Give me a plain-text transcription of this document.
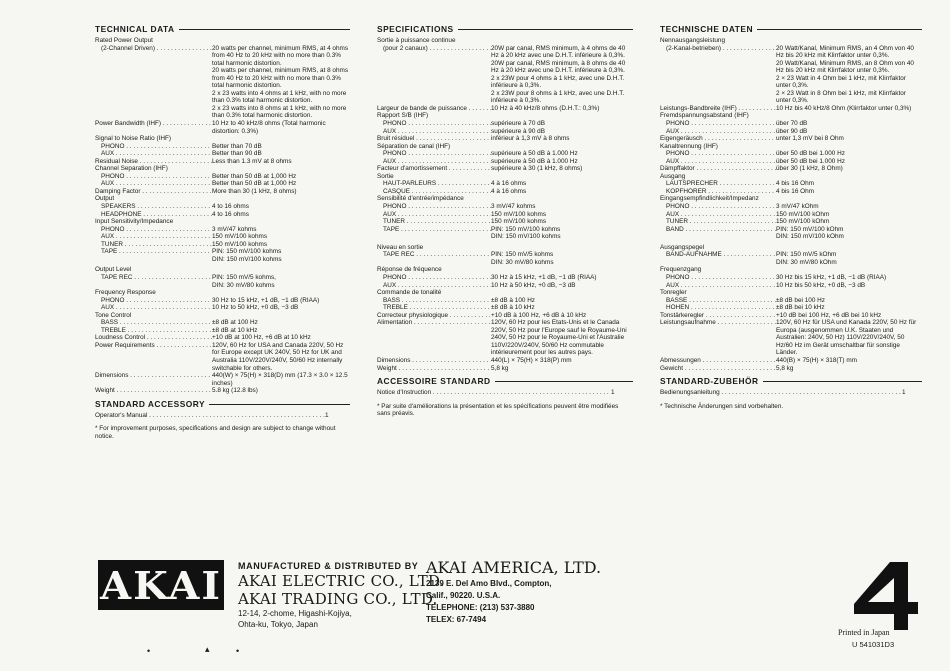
TECHNICAL DATA
Rated Power Output
(2-Channel Driven) . . .	20 watts per channel, minimum RMS, at 4 ohms from 40 Hz to 20 kHz with no more than 0.3% total harmonic distortion.
20 watts per channel, minimum RMS, at 8 ohms from 40 Hz to 20 kHz with no more than 0.3% total harmonic distortion.
2 x 23 watts into 4 ohms at 1 kHz, with no more than 0.3% total harmonic distortion.
2 x 23 watts into 8 ohms at 1 kHz, with no more than 0.3% total harmonic distortion.
Power Bandwidth (IHF) . . .	10 Hz to 40 kHz/8 ohms (Total harmonic distortion: 0.3%)
Signal to Noise Ratio (IHF)
PHONO . . .	Better than 70 dB
AUX . . .	Better than 90 dB
Residual Noise . . .	Less than 1.3 mV at 8 ohms
Channel Separation (IHF)
PHONO . . .	Better than 50 dB at 1,000 Hz
AUX . . .	Better than 50 dB at 1,000 Hz
Damping Factor . . .	More than 30 (1 kHz, 8 ohms)
Output
SPEAKERS . . .	4 to 16 ohms
HEADPHONE . . .	4 to 16 ohms
Input Sensitivity/Impedance
PHONO . . .	3 mV/47 kohms
AUX . . .	150 mV/100 kohms
TUNER . . .	150 mV/100 kohms
TAPE . . .	PIN: 150 mV/100 kohms
DIN: 150 mV/100 kohms
Output Level
TAPE REC . . .	PIN: 150 mV/5 kohms,
DIN: 30 mV/80 kohms
Frequency Response
PHONO . . .	30 Hz to 15 kHz, +1 dB, −1 dB (RIAA)
AUX . . .	10 Hz to 50 kHz, +0 dB, −3 dB
Tone Control
BASS . . .	±8 dB at 100 Hz
TREBLE . . .	±8 dB at 10 kHz
Loudness Control . . .	+10 dB at 100 Hz, +6 dB at 10 kHz
Power Requirements . . .	120V, 60 Hz for USA and Canada 220V, 50 Hz for Europe except UK 240V, 50 Hz for UK and Australia 110V/220V/240V, 50/60 Hz internally switchable for others.
Dimensions . . .	440(W) × 75(H) × 318(D) mm (17.3 × 3.0 × 12.5 inches)
Weight . . .	5.8 kg (12.8 lbs)
STANDARD ACCESSORY
Operator's Manual . . .	1
* For improvement purposes, specifications and design are subject to change without notice.
SPECIFICATIONS
Sortie à puissance continue
(pour 2 canaux) . . .	20W par canal, RMS minimum, à 4 ohms de 40 Hz à 20 kHz avec une D.H.T. inférieure à 0,3%.
20W par canal, RMS minimum, à 8 ohms de 40 Hz à 20 kHz avec une D.H.T. inférieure à 0,3%.
2 x 23W pour 4 ohms à 1 kHz, avec une D.H.T. inférieure à 0,3%.
2 x 23W pour 8 ohms à 1 kHz, avec une D.H.T. inférieure à 0,3%.
Largeur de bande de puissance . . .	10 Hz à 40 kHz/8 ohms (D.H.T.: 0,3%)
Rapport S/B (IHF)
PHONO . . .	supérieure à 70 dB
AUX . . .	supérieure à 90 dB
Bruit résiduel . . .	inférieur à 1,3 mV à 8 ohms
Séparation de canal (IHF)
PHONO . . .	supérieure à 50 dB à 1.000 Hz
AUX . . .	supérieure à 50 dB à 1.000 Hz
Facteur d'amortissement . . .	supérieure à 30 (1 kHz, 8 ohms)
Sortie
HAUT-PARLEURS . . .	4 à 16 ohms
CASQUE . . .	4 à 16 ohms
Sensibilité d'entrée/impédance
PHONO . . .	3 mV/47 kohms
AUX . . .	150 mV/100 kohms
TUNER . . .	150 mV/100 kohms
TAPE . . .	PIN: 150 mV/100 kohms
DIN: 150 mV/100 kohms
Niveau en sortie
TAPE REC . . .	PIN: 150 mV/5 kohms
DIN: 30 mV/80 kohms
Réponse de fréquence
PHONO . . .	30 Hz à 15 kHz, +1 dB, −1 dB (RIAA)
AUX . . .	10 Hz à 50 kHz, +0 dB, −3 dB
Commande de tonalité
BASS . . .	±8 dB à 100 Hz
TREBLE . . .	±8 dB à 10 kHz
Correcteur physiologique . . .	+10 dB à 100 Hz, +6 dB à 10 kHz
Alimentation . . .	120V, 60 Hz pour les Etats-Unis et le Canada 220V, 50 Hz pour l'Europe sauf le Royaume-Uni 240V, 50 Hz pour le Royaume-Uni et l'Australie 110V/220V/240V, 50/60 Hz commutable intérieurement pour les autres pays.
Dimensions . . .	440(L) × 75(H) × 318(P) mm
Weight . . .	5,8 kg
ACCESSOIRE STANDARD
Notice d'Instruction . . .	1
* Par suite d'améliorations la présentation et les spécifications peuvent être modifiées sans préavis.
TECHNISCHE DATEN
Nennausgangsleistung
(2-Kanal-betrieben) . . .	20 Watt/Kanal, Minimum RMS, an 4 Ohm von 40 Hz bis 20 kHz mit Klirrfaktor unter 0,3%.
20 Watt/Kanal, Minimum RMS, an 8 Ohm von 40 Hz bis 20 kHz mit Klirrfaktor unter 0,3%.
2 × 23 Watt in 4 Ohm bei 1 kHz, mit Klirrfaktor unter 0,3%.
2 × 23 Watt in 8 Ohm bei 1 kHz, mit Klirrfaktor unter 0,3%.
Leistungs-Bandbreite (IHF) . . .	10 Hz bis 40 kHz/8 Ohm (Klirrfaktor unter 0,3%)
Fremdspannungsabstand (IHF)
PHONO . . .	über 70 dB
AUX . . .	über 90 dB
Eigengeräusch . . .	unter 1,3 mV bei 8 Ohm
Kanaltrennung (IHF)
PHONO . . .	über 50 dB bei 1.000 Hz
AUX . . .	über 50 dB bei 1.000 Hz
Dämpffaktor . . .	über 30 (1 kHz, 8 Ohm)
Ausgang
LAUTSPRECHER . . .	4 bis 16 Ohm
KOPFHÖRER . . .	4 bis 16 Ohm
Eingangsempfindlichkeit/Impedanz
PHONO . . .	3 mV/47 kOhm
AUX . . .	150 mV/100 kOhm
TUNER . . .	150 mV/100 kOhm
BAND . . .	PIN: 150 mV/100 kOhm
DIN: 150 mV/100 kOhm
Ausgangspegel
BAND-AUFNAHME . . .	PIN: 150 mV/5 kOhm
DIN: 30 mV/80 kOhm
Frequenzgang
PHONO . . .	30 Hz bis 15 kHz, +1 dB, −1 dB (RIAA)
AUX . . .	10 Hz bis 50 kHz, +0 dB, −3 dB
Tonregler
BÄSSE . . .	±8 dB bei 100 Hz
HÖHEN . . .	±8 dB bei 10 kHz
Tonstärkeregler . . .	+10 dB bei 100 Hz, +6 dB bei 10 kHz
Leistungsaufnahme . . .	120V, 60 Hz für USA und Kanada 220V, 50 Hz für Europa (ausgenommen U.K. Staaten und Australien: 240V, 50 Hz) 110V/220V/240V, 50 Hz/60 Hz im Gerät umschaltbar für sonstige Länder.
Abmessungen . . .	440(B) × 75(H) × 318(T) mm
Gewicht . . .	5,8 kg
STANDARD-ZUBEHÖR
Bedienungsanleitung . . .	1
* Technische Änderungen sind vorbehalten.
AKAI MANUFACTURED & DISTRIBUTED BY
AKAI ELECTRIC CO., LTD.
AKAI TRADING CO., LTD.
12-14, 2-chome, Higashi-Kojiya,
Ohta-ku, Tokyo, Japan
AKAI AMERICA, LTD.
2139 E. Del Amo Blvd., Compton,
Calif., 90220. U.S.A.
TELEPHONE: (213) 537-3880
TELEX: 67-7494
4
Printed in Japan
U 541031D3
•	▴	•
